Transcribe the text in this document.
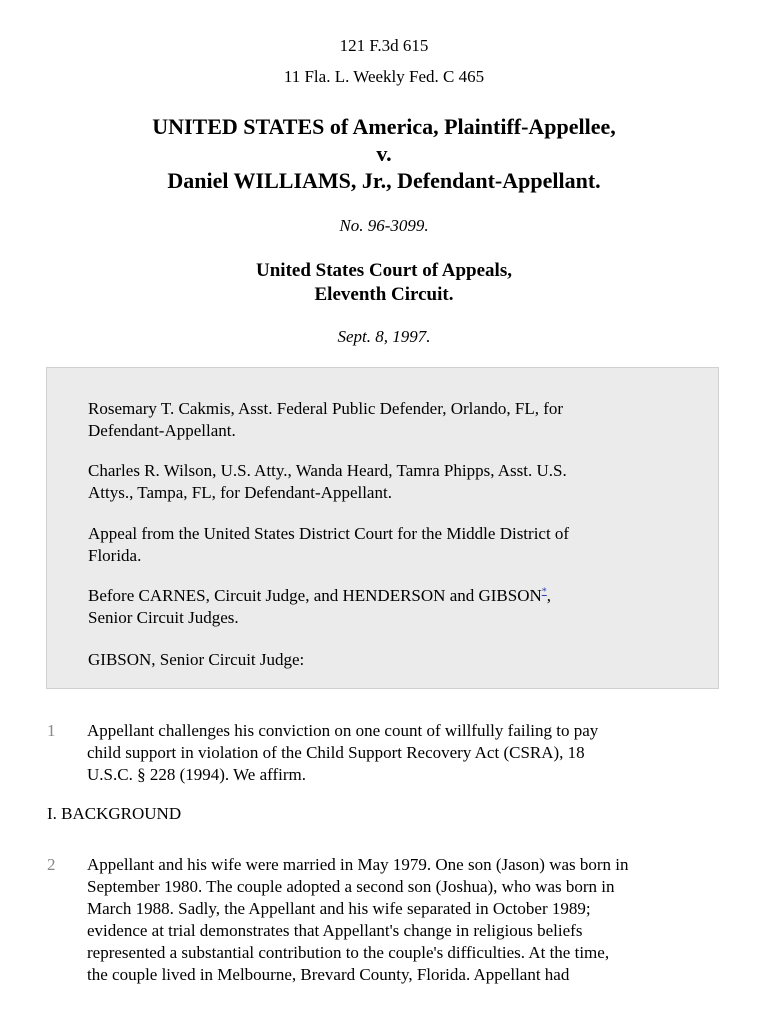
121 F.3d 615
11 Fla. L. Weekly Fed. C 465
UNITED STATES of America, Plaintiff-Appellee,
v.
Daniel WILLIAMS, Jr., Defendant-Appellant.
No. 96-3099.
United States Court of Appeals,
Eleventh Circuit.
Sept. 8, 1997.

Rosemary T. Cakmis, Asst. Federal Public Defender, Orlando, FL, for
Defendant-Appellant.

Charles R. Wilson, U.S. Atty., Wanda Heard, Tamra Phipps, Asst. U.S.
Attys., Tampa, FL, for Defendant-Appellant.

Appeal from the United States District Court for the Middle District of
Florida.

Before CARNES, Circuit Judge, and HENDERSON and GIBSON*,
Senior Circuit Judges.

GIBSON, Senior Circuit Judge:

1 Appellant challenges his conviction on one count of willfully failing to pay
child support in violation of the Child Support Recovery Act (CSRA), 18
U.S.C. § 228 (1994). We affirm.

I. BACKGROUND
2 Appellant and his wife were married in May 1979. One son (Jason) was born in
September 1980. The couple adopted a second son (Joshua), who was born in
March 1988. Sadly, the Appellant and his wife separated in October 1989;
evidence at trial demonstrates that Appellant's change in religious beliefs
represented a substantial contribution to the couple's difficulties. At the time,
the couple lived in Melbourne, Brevard County, Florida. Appellant had
